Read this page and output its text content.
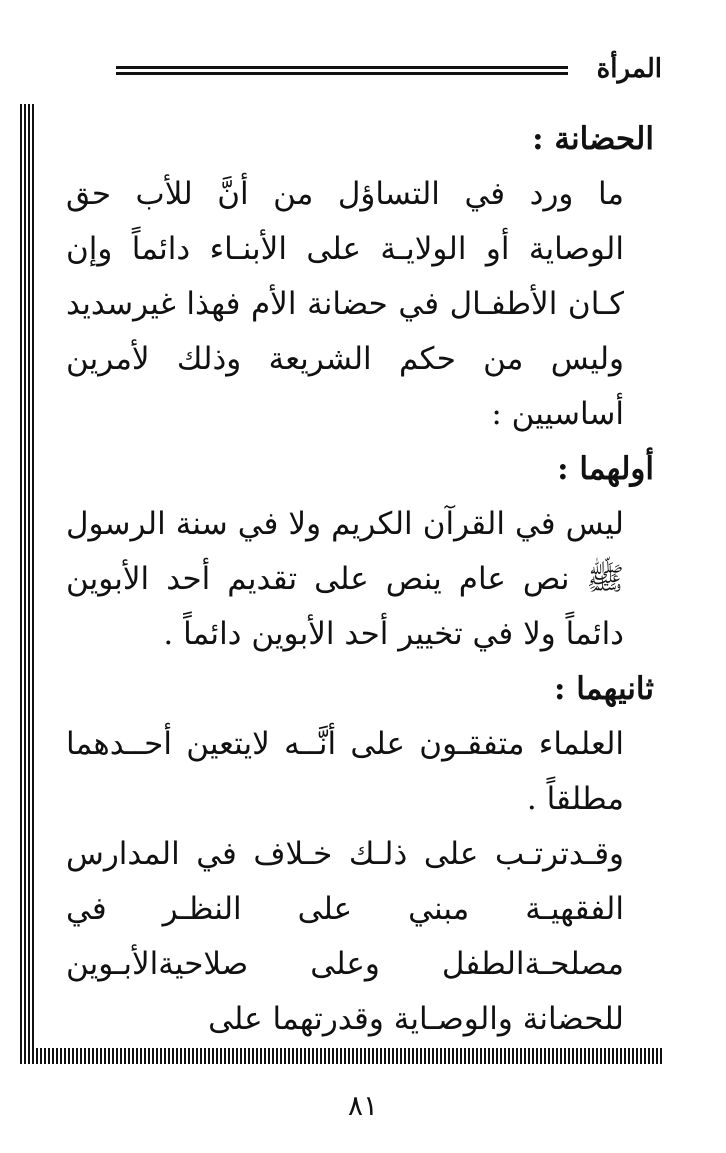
المرأة

الحضانة :

ما ورد في التساؤل من أنَّ للأب حق الوصاية أو الولايـة على الأبنـاء دائماً وإن كـان الأطفـال في حضانة الأم فهذا غيرسديد وليس من حكم الشريعة وذلك لأمرين أساسيين :

أولهما :

ليس في القرآن الكريم ولا في سنة الرسول ﷺ نص عام ينص على تقديم أحد الأبوين دائماً ولا في تخيير أحد الأبوين دائماً .

ثانيهما :

العلماء متفقـون على أنَّــه لايتعين أحــدهما مطلقاً .

وقـدترتـب على ذلـك خـلاف في المدارس الفقهيـة مبني على النظـر في مصلحـةالطفل وعلى صلاحيةالأبـوين للحضانة والوصـاية وقدرتهما على

٨١
